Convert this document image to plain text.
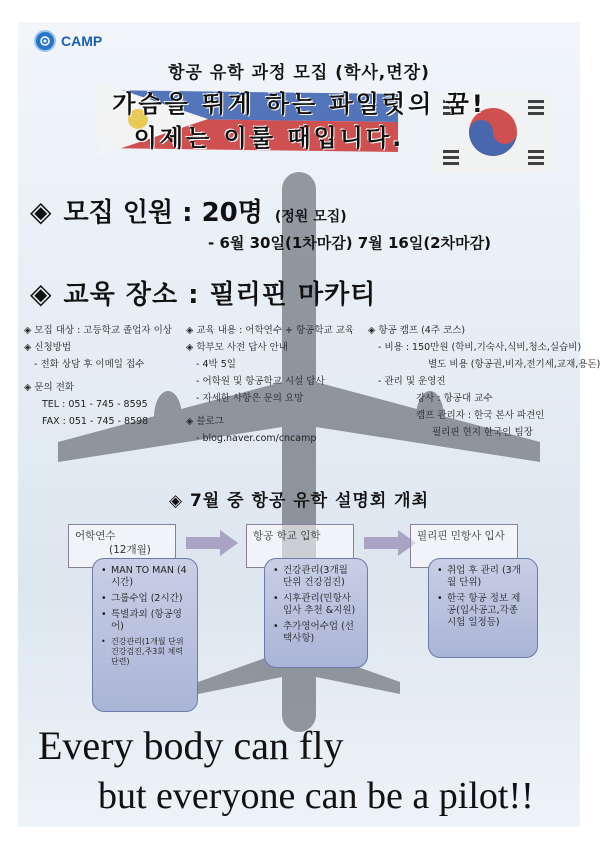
CAMP
항공 유학 과정 모집 (학사,면장)
가슴을 뛰게 하는 파일럿의 꿈!
이제는 이룰 때입니다.
◈ 모집 인원 : 20명 (정원 모집)
- 6월 30일(1차마감) 7월 16일(2차마감)
◈ 교육 장소 : 필리핀 마카티
◈ 모집 대상 : 고등학교 졸업자 이상
◈ 신청방법
- 전화 상담 후 이메일 접수
◈ 문의 전화
TEL : 051 - 745 - 8595
FAX : 051 - 745 - 8598
◈ 교육 내용 : 어학연수 + 항공학교 교육
◈ 학부모 사전 답사 안내
- 4박 5일
- 어학원 및 항공학교 시설 답사
- 자세한 사항은 문의 요망
◈ 블로그
- blog.naver.com/cncamp
◈ 항공 캠프 (4주 코스)
- 비용 : 150만원 (학비,기숙사,식비,청소,실습비)
별도 비용 (항공권,비자,전기세,교재,용돈)
- 관리 및 운영진
강사 : 항공대 교수
캠프 관리자 : 한국 본사 파견인
필리핀 현지 한국인 팀장
◈ 7월 중 항공 유학 설명회 개최
어학연수
(12개월)
• MAN TO MAN (4시간)
• 그룹수업 (2시간)
• 특별과외 (항공영어)
• 건강관리(1개월 단위 건강검진,주3회 체력단련)
항공 학교 입학
• 건강관리(3개월 단위 건강검진)
• 시후관리(민항사 입사 추천 &지원)
• 추가영어수업 (선택사항)
필리핀 민항사 입사
• 취업 후 관리 (3개월 단위)
• 한국 항공 정보 제공(입사공고,각종 시험 일정등)
Every body can fly
but everyone can be a pilot!!
